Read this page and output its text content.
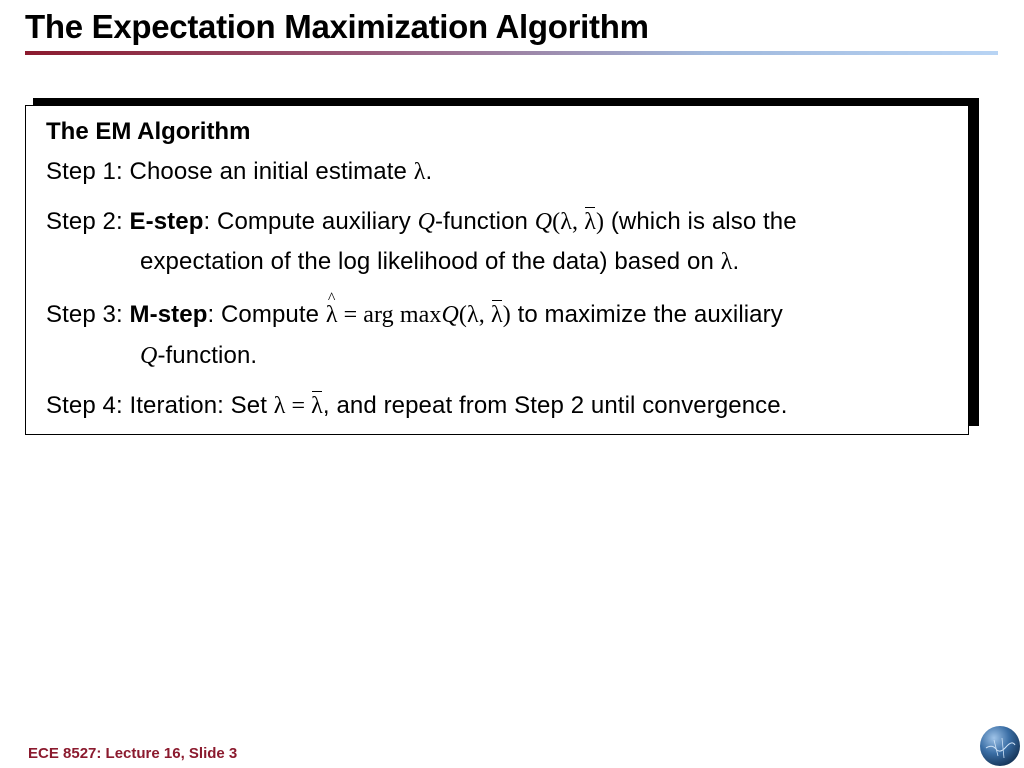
The Expectation Maximization Algorithm
The EM Algorithm
Step 1: Choose an initial estimate λ.
Step 2: E-step: Compute auxiliary Q-function Q(λ, λ) (which is also the
expectation of the log likelihood of the data) based on λ.
Step 3: M-step: Compute ^ λ = arg maxQ(λ, λ) to maximize the auxiliary
Q-function.
Step 4: Iteration: Set λ = λ, and repeat from Step 2 until convergence.
ECE 8527: Lecture 16, Slide 3
